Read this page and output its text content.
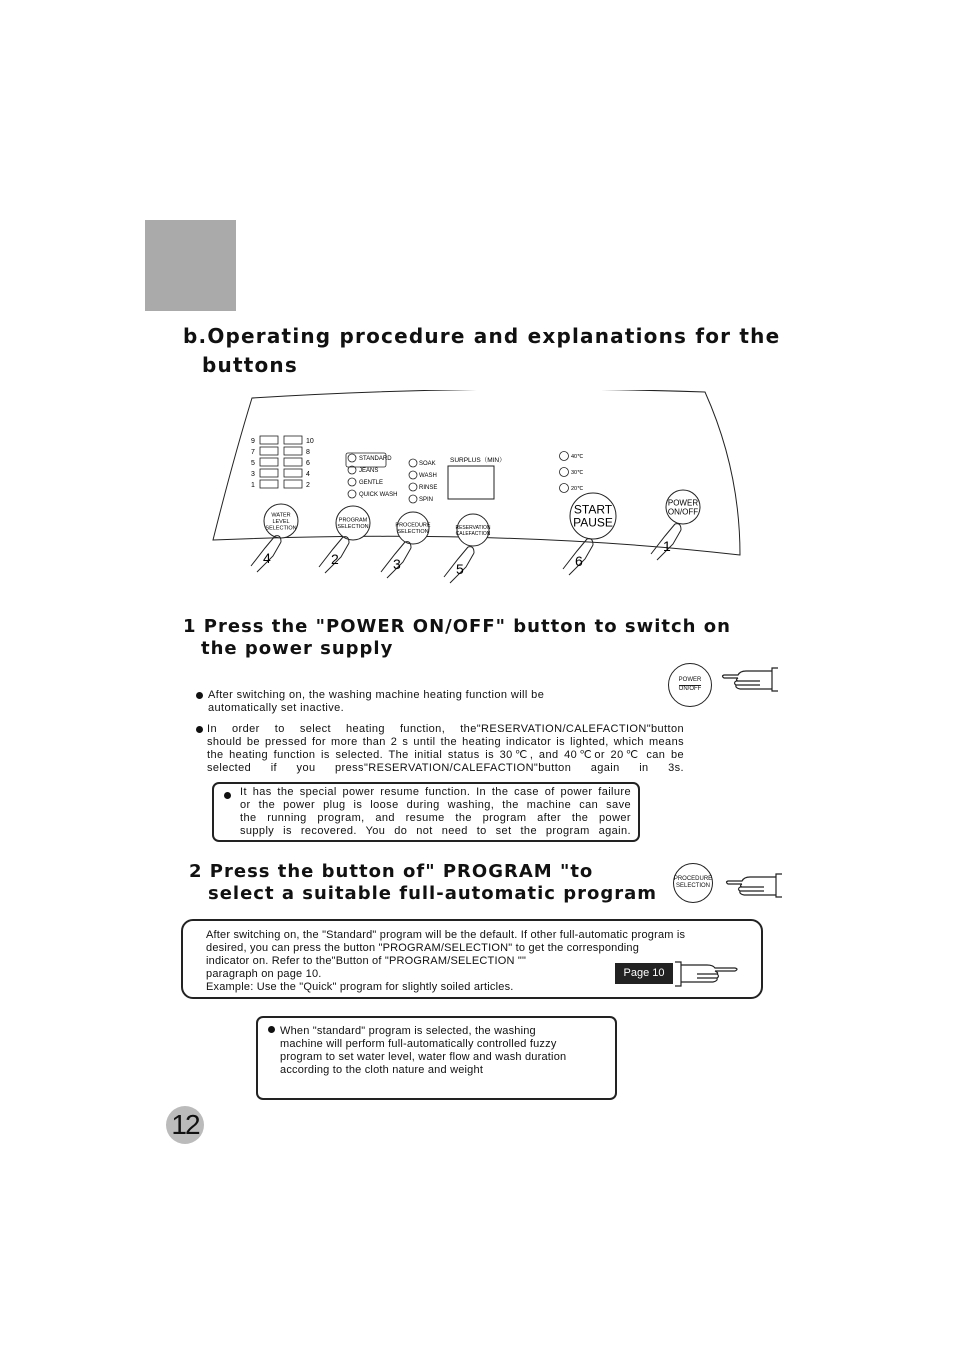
b.Operating procedure and explanations for the
buttons
9	10
7	8
5	6
3	4
1	2
STANDARD
JEANS
GENTLE
QUICK WASH
SOAK
WASH
RINSE
SPIN
SURPLUS（MIN）	40℃
30℃
20℃
WATER
LEVEL
SELECTION
PROGRAM
SELECTION	PROCEDURE
SELECTION
RESERVATION
CALEFACTION
START
PAUSE
POWER
ON/OFF
4	2	3	5	6
1
1 Press the "POWER ON/OFF" button to switch on
the power supply
POWER
ON/OFF
After switching on, the washing machine heating function will be
automatically set inactive.
In order to select heating function, the"RESERVATION/CALEFACTION"button
should be pressed for more than 2 s until the heating indicator is lighted, which means
the heating function is selected. The initial status is 30℃, and 40℃or 20℃ can be
selected if you press"RESERVATION/CALEFACTION"button again in 3s.
It has the special power resume function. In the case of power failure
or the power plug is loose during washing, the machine can save
the running program, and resume the program after the power
supply is recovered. You do not need to set the program again.
2 Press the button of" PROGRAM "to
select a suitable full-automatic program
PROCEDURE
SELECTION
After switching on, the "Standard" program will be the default. If other full-automatic program is
desired, you can press the button "PROGRAM/SELECTION" to get the corresponding
indicator on. Refer to the"Button of "PROGRAM/SELECTION ""
paragraph on page 10.
Example: Use the "Quick" program for slightly soiled articles.
Page 10
When "standard" program is selected, the washing
machine will perform full-automatically controlled fuzzy
program to set water level, water flow and wash duration
according to the cloth nature and weight
12
